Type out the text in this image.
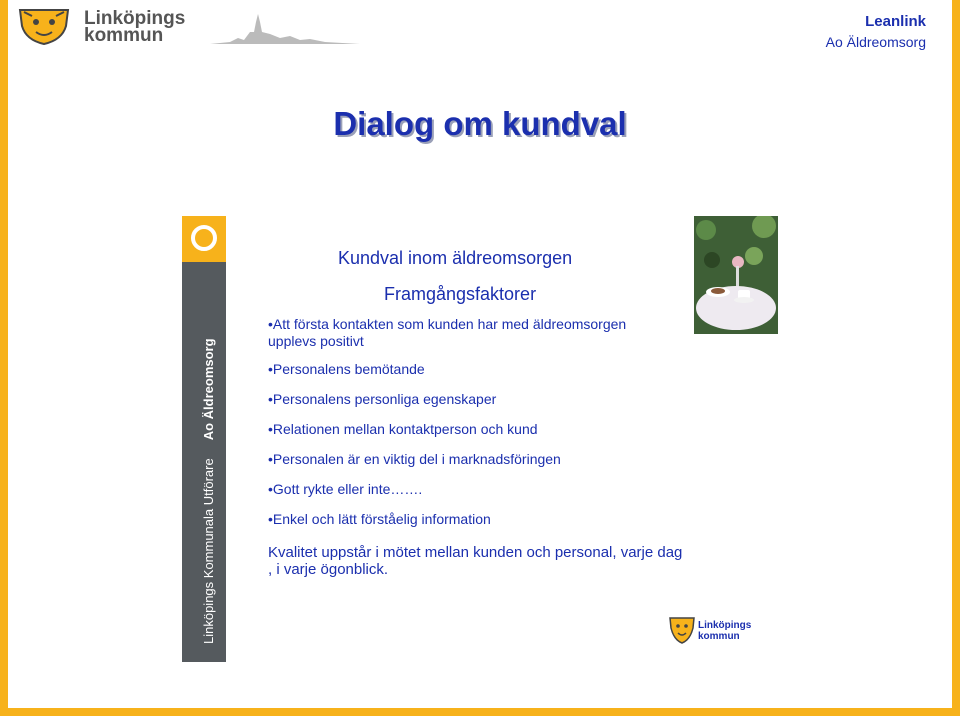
Linköpings
kommun
Leanlink
Ao Äldreomsorg
Dialog om kundval
Linköpings Kommunala UtförareAo Äldreomsorg
Kundval inom äldreomsorgen
Framgångsfaktorer
•Att första kontakten som kunden har med äldreomsorgen upplevs positivt
•Personalens bemötande
•Personalens personliga egenskaper
•Relationen mellan kontaktperson och kund
•Personalen är en viktig del i marknadsföringen
•Gott rykte eller inte…….
•Enkel och lätt förståelig information
Kvalitet uppstår i mötet mellan kunden och personal, varje dag , i varje ögonblick.
Linköpings
kommun
